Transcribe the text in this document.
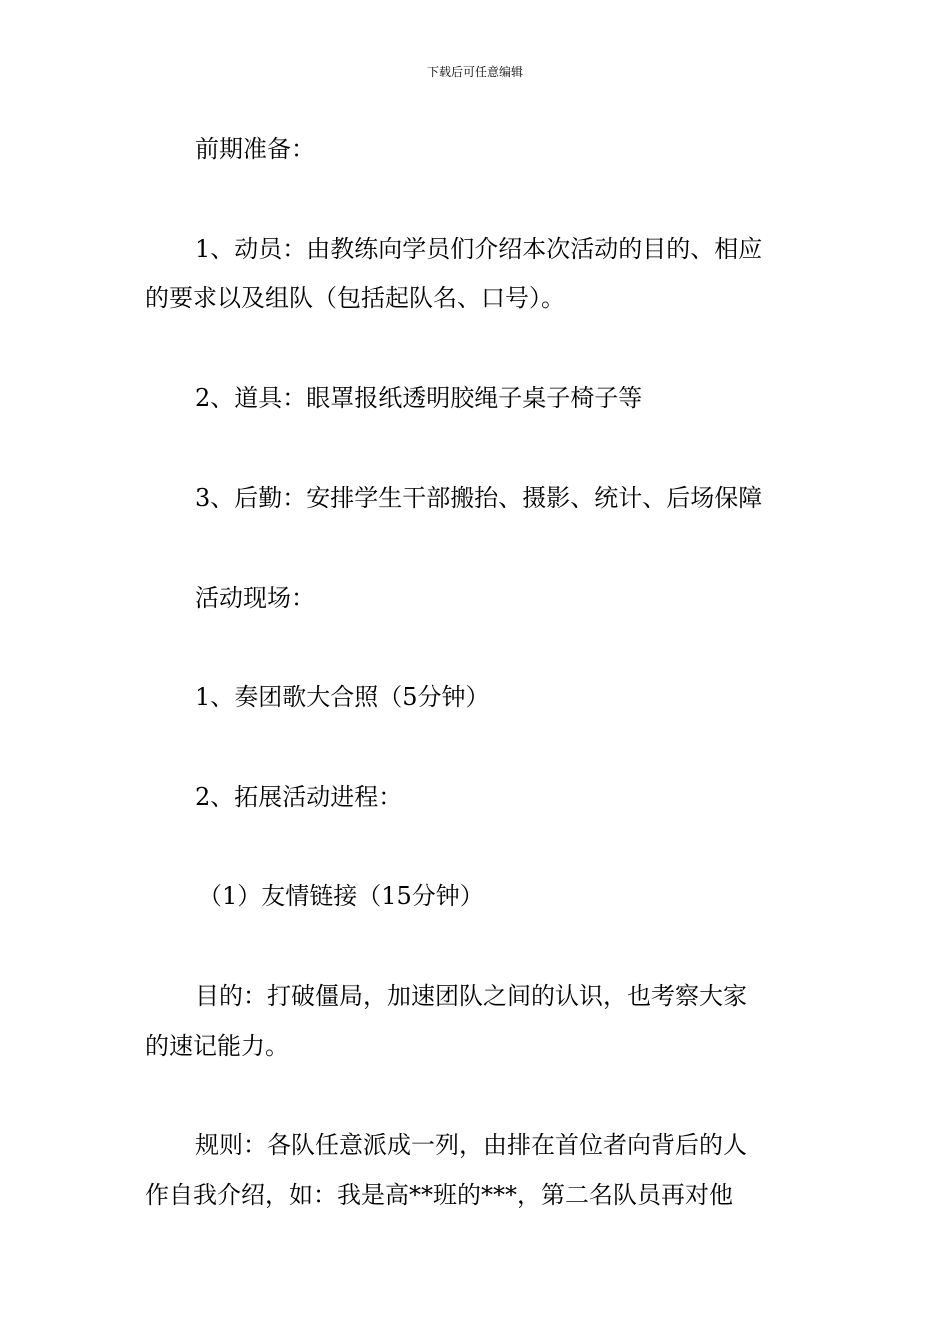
下载后可任意编辑
前期准备：
1、动员：由教练向学员们介绍本次活动的目的、相应
的要求以及组队（包括起队名、口号）。
2、道具：眼罩报纸透明胶绳子桌子椅子等
3、后勤：安排学生干部搬抬、摄影、统计、后场保障
活动现场：
1、奏团歌大合照（5分钟）
2、拓展活动进程：
（1）友情链接（15分钟）
目的：打破僵局，加速团队之间的认识，也考察大家
的速记能力。
规则：各队任意派成一列，由排在首位者向背后的人
作自我介绍，如：我是高**班的***，第二名队员再对他
